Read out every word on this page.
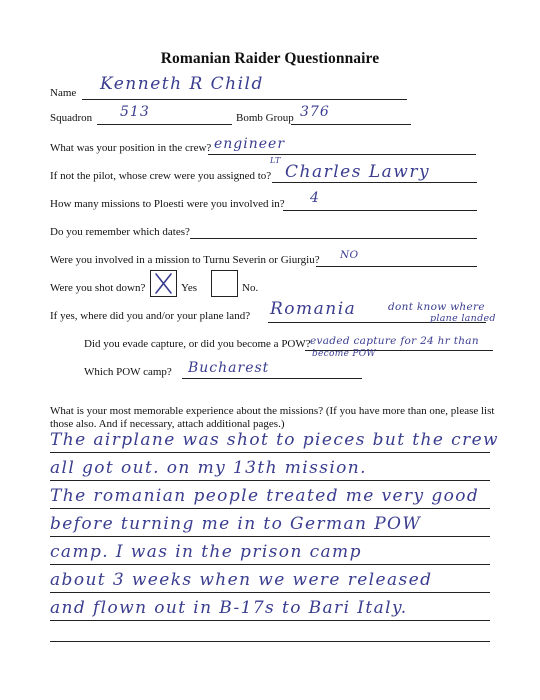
Romanian Raider Questionnaire
Name Kenneth R Child
Squadron 513	Bomb Group 376
What was your position in the crew? engineer
If not the pilot, whose crew were you assigned to?
LT
Charles Lawry
How many missions to Ploesti were you involved in? 4
Do you remember which dates?
Were you involved in a mission to Turnu Severin or Giurgiu? NO
Were you shot down?	Yes	No.
If yes, where did you and/or your plane land? Romania	dont know where
plane landed
Did you evade capture, or did you become a POW? evaded capture for 24 hr than
become POW
Which POW camp? Bucharest
What is your most memorable experience about the missions? (If you have more than one, please list those also. And if necessary, attach additional pages.)
The airplane was shot to pieces but the crew
all got out. on my 13th mission.
The romanian people treated me very good
before turning me in to German POW
camp. I was in the prison camp
about 3 weeks when we were released
and flown out in B-17s to Bari Italy.
